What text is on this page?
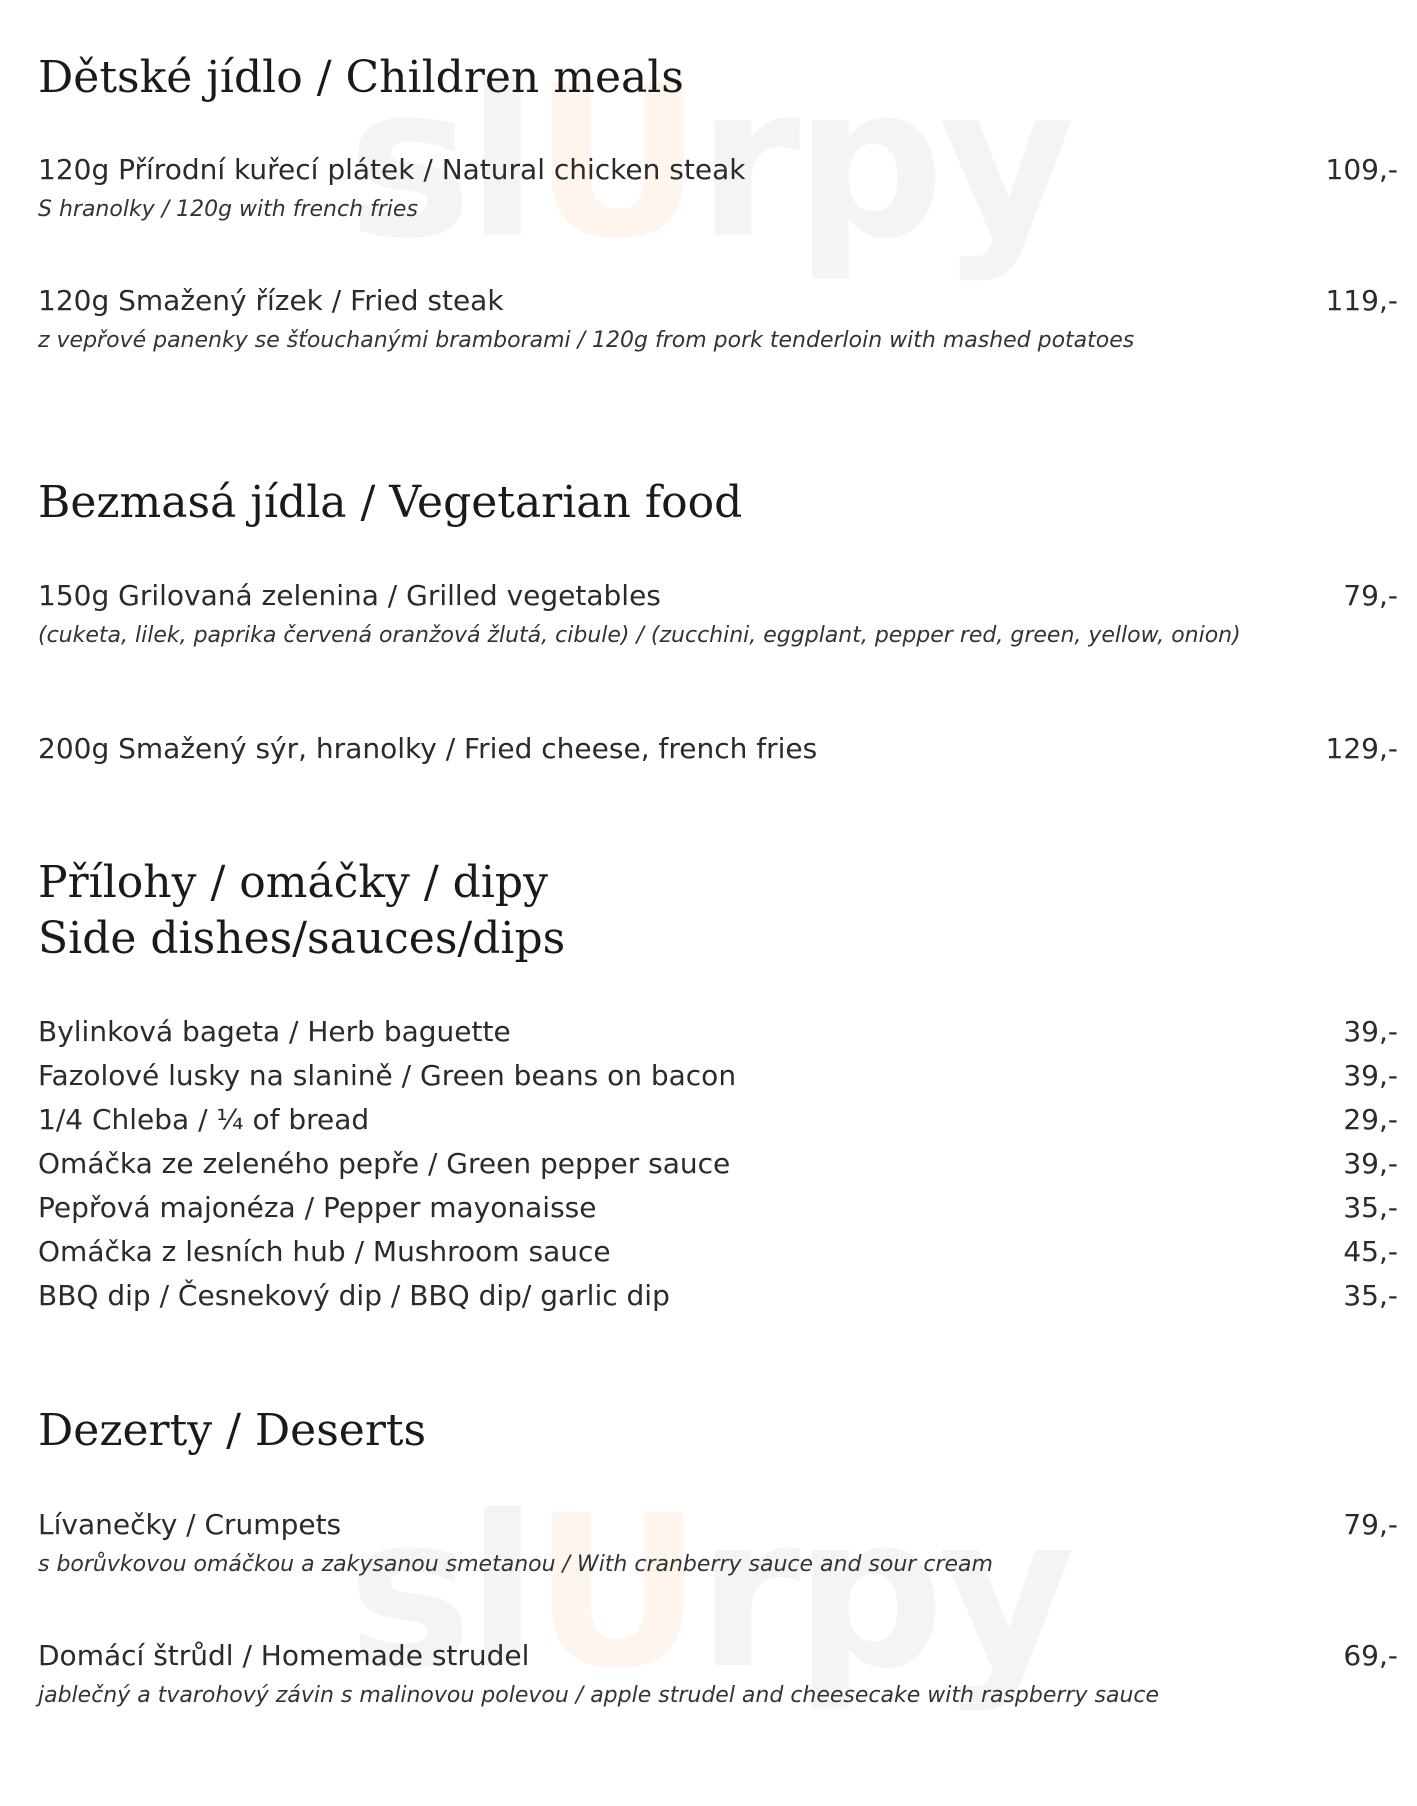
U
U
Dětské jídlo / Children meals
120g Přírodní kuřecí plátek / Natural chicken steak	109,-
S hranolky / 120g with french fries
120g Smažený řízek / Fried steak	119,-
z vepřové panenky se šťouchanými bramborami / 120g from pork tenderloin with mashed potatoes
Bezmasá jídla / Vegetarian food
150g Grilovaná zelenina / Grilled vegetables	79,-
(cuketa, lilek, paprika červená oranžová žlutá, cibule) / (zucchini, eggplant, pepper red, green, yellow, onion)
200g Smažený sýr, hranolky / Fried cheese, french fries	129,-
Přílohy / omáčky / dipy
Side dishes/sauces/dips
Bylinková bageta / Herb baguette	39,-
Fazolové lusky na slanině / Green beans on bacon	39,-
1/4 Chleba / ¼ of bread	29,-
Omáčka ze zeleného pepře / Green pepper sauce	39,-
Pepřová majonéza / Pepper mayonaisse	35,-
Omáčka z lesních hub / Mushroom sauce	45,-
BBQ dip / Česnekový dip / BBQ dip/ garlic dip	35,-
Dezerty / Deserts
Lívanečky / Crumpets	79,-
s borůvkovou omáčkou a zakysanou smetanou / With cranberry sauce and sour cream
Domácí štrůdl / Homemade strudel	69,-
jablečný a tvarohový závin s malinovou polevou / apple strudel and cheesecake with raspberry sauce
